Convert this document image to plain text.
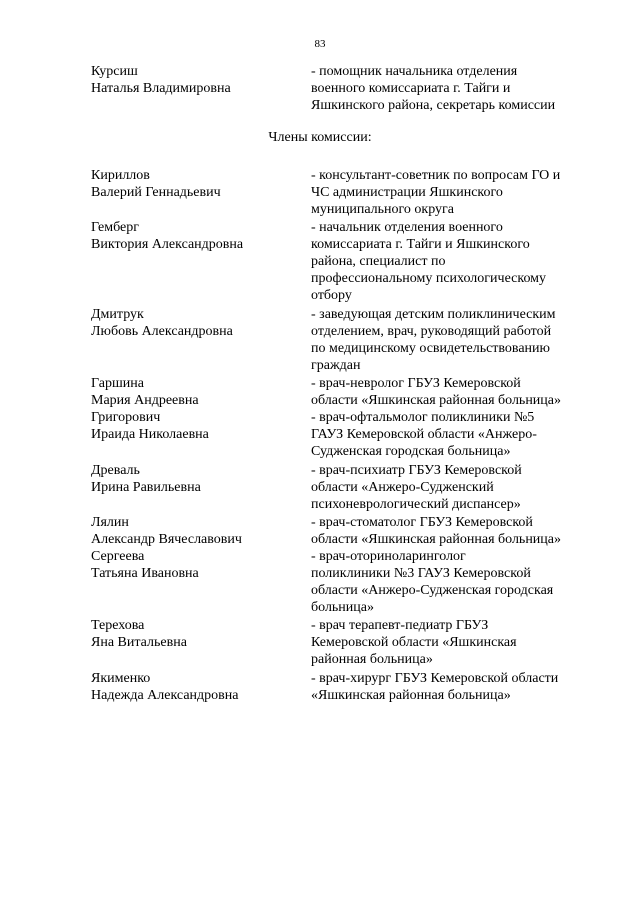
83
Курсиш
Наталья Владимировна
- помощник начальника отделения
военного комиссариата г. Тайги и
Яшкинского района, секретарь комиссии
Члены комиссии:
Кириллов
Валерий Геннадьевич
- консультант-советник по вопросам ГО и
ЧС администрации Яшкинского
муниципального округа
Гемберг
Виктория Александровна
- начальник отделения военного
комиссариата г. Тайги и Яшкинского
района, специалист по
профессиональному психологическому
отбору
Дмитрук
Любовь Александровна
- заведующая детским поликлиническим
отделением, врач, руководящий работой
по медицинскому освидетельствованию
граждан
Гаршина
Мария Андреевна
- врач-невролог ГБУЗ Кемеровской
области «Яшкинская районная больница»
Григорович
Ираида Николаевна
- врач-офтальмолог поликлиники №5
ГАУЗ Кемеровской области «Анжеро-
Судженская городская больница»
Древаль
Ирина Равильевна
- врач-психиатр ГБУЗ Кемеровской
области «Анжеро-Судженский
психоневрологический диспансер»
Лялин
Александр Вячеславович
- врач-стоматолог ГБУЗ Кемеровской
области «Яшкинская районная больница»
Сергеева
Татьяна Ивановна
- врач-оториноларинголог
поликлиники №3 ГАУЗ Кемеровской
области «Анжеро-Судженская городская
больница»
Терехова
Яна Витальевна
- врач терапевт-педиатр ГБУЗ
Кемеровской области «Яшкинская
районная больница»
Якименко
Надежда Александровна
- врач-хирург ГБУЗ Кемеровской области
«Яшкинская районная больница»
